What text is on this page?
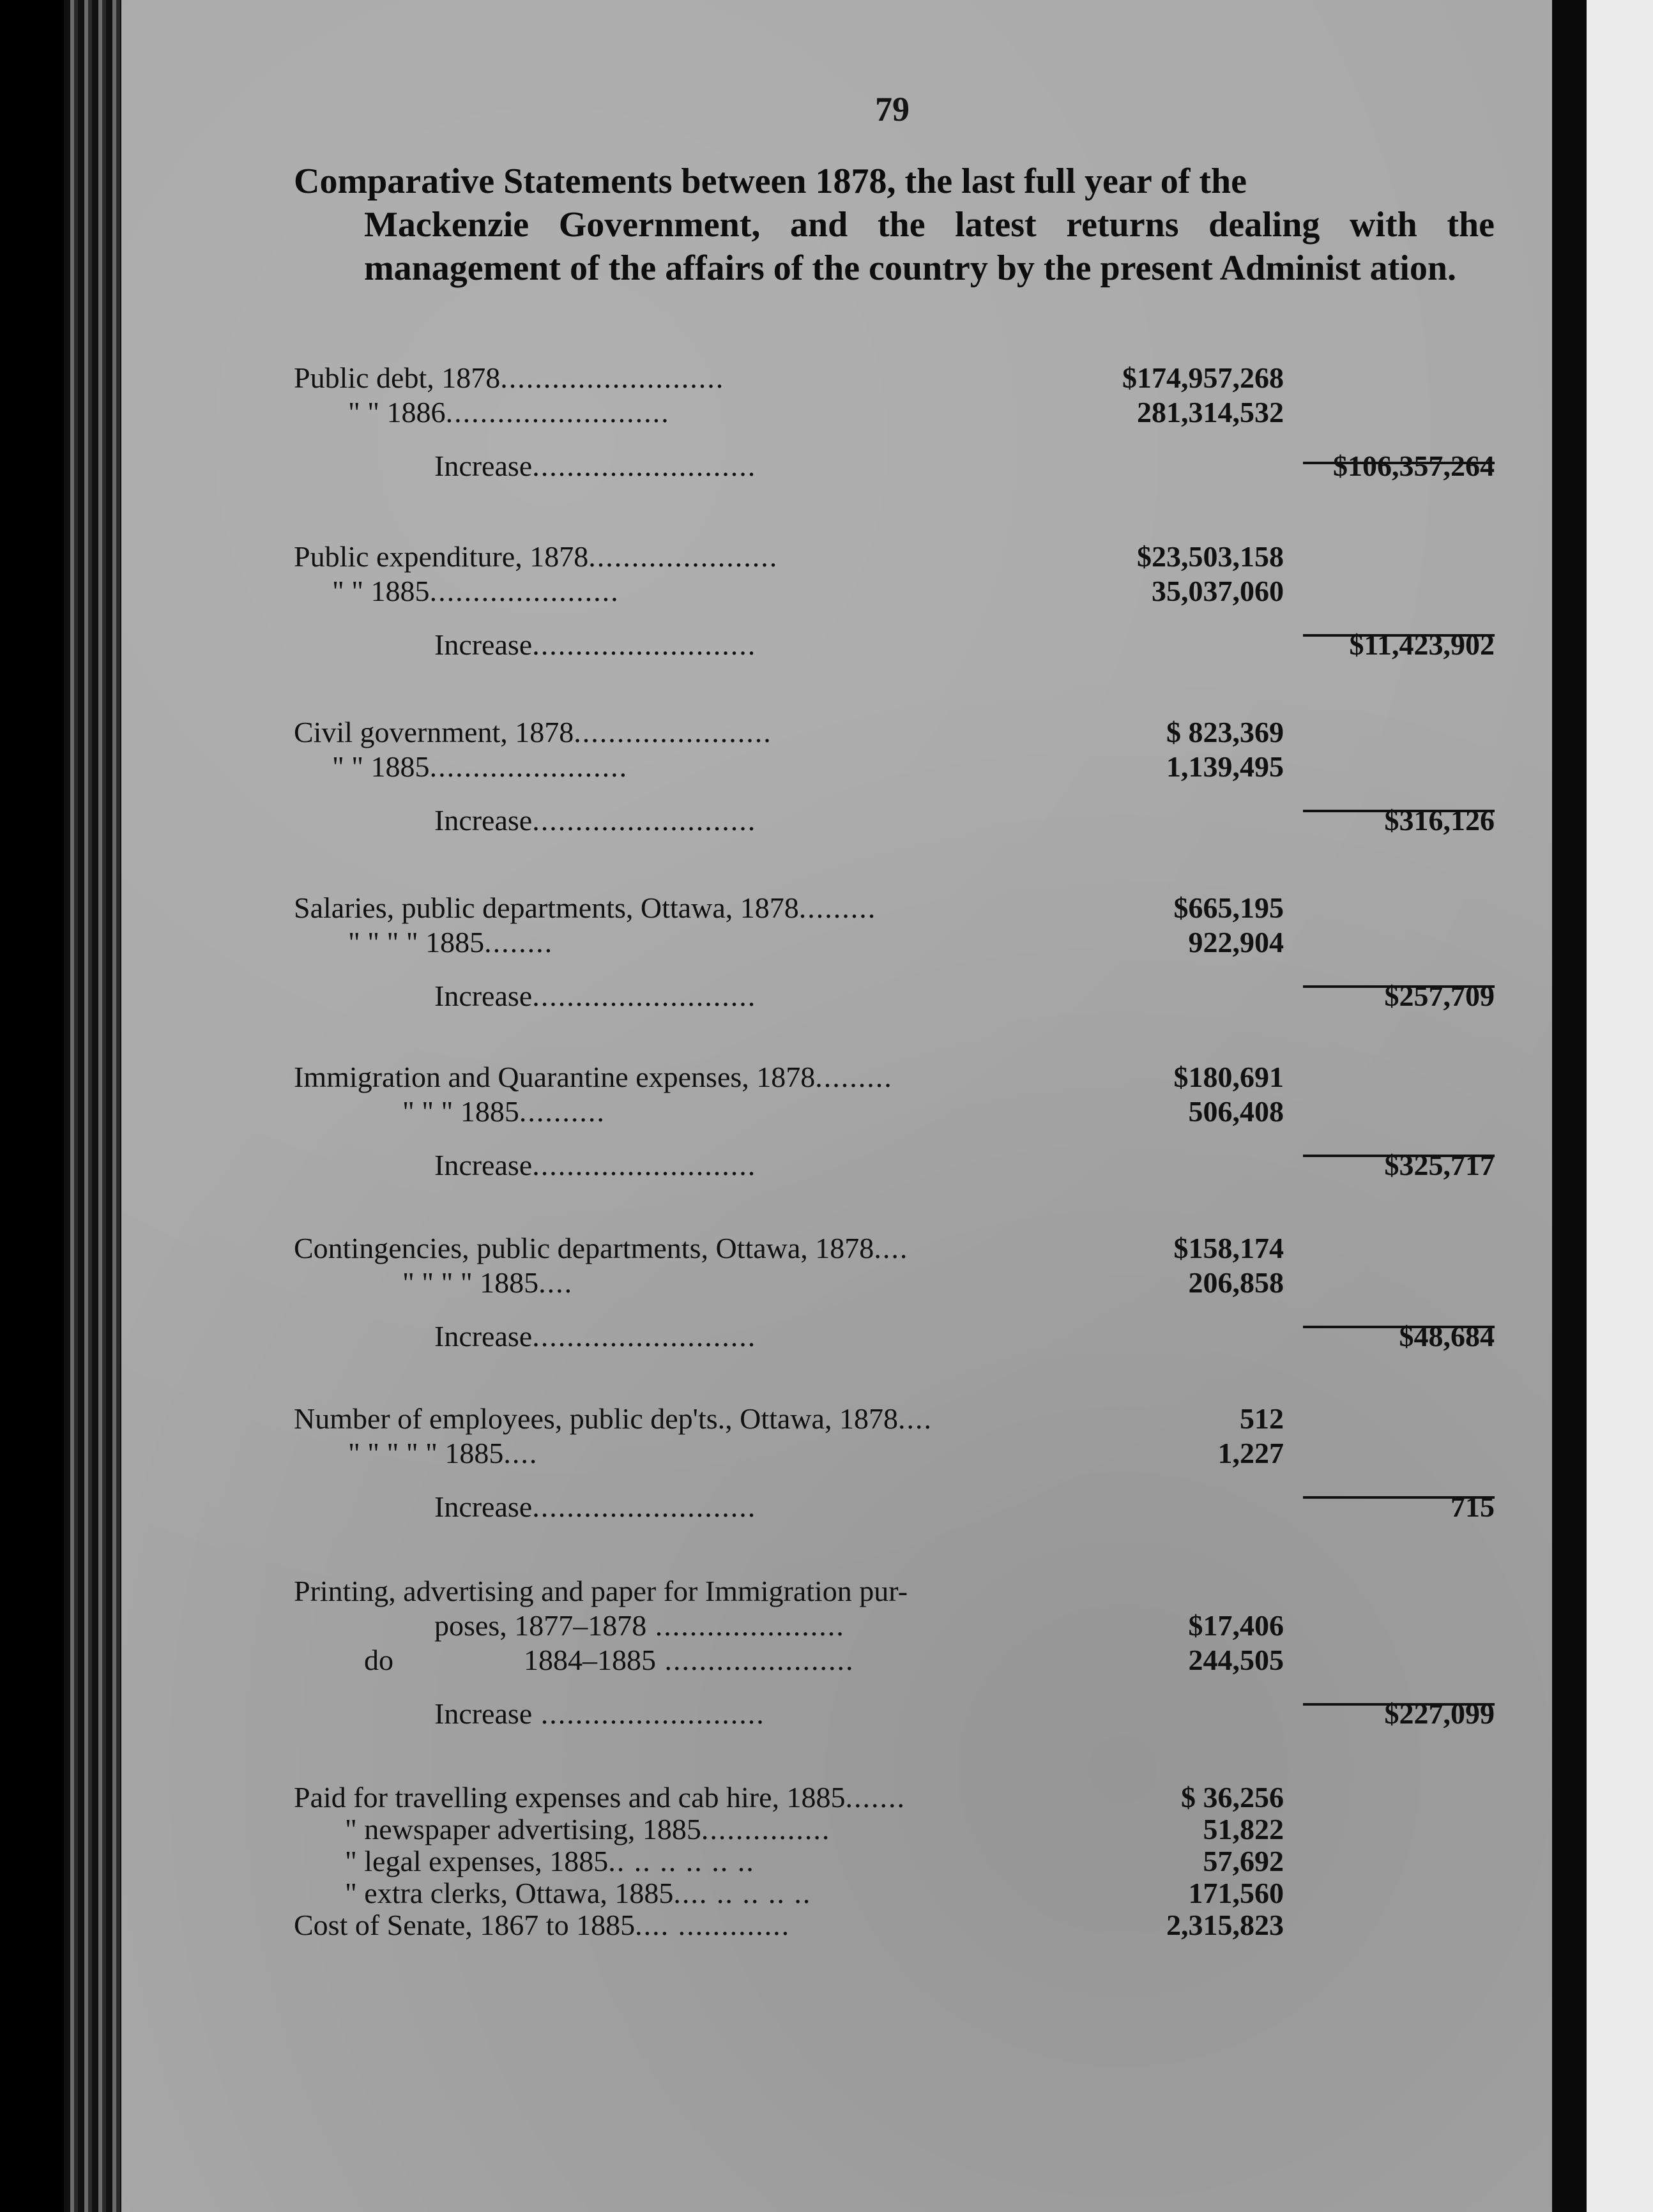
79
Comparative Statements between 1878, the last full year of the
Mackenzie Government, and the latest returns dealing with the management of the affairs of the country by the present Administ ation.
Public debt, 1878..........................	$174,957,268
" " 1886..........................	281,314,532
Increase..........................	$106,357,264
Public expenditure, 1878......................	$23,503,158
" " 1885......................	35,037,060
Increase..........................	$11,423,902
Civil government, 1878.......................	$ 823,369
" " 1885.......................	1,139,495
Increase..........................	$316,126
Salaries, public departments, Ottawa, 1878.........	$665,195
" " " " 1885........	922,904
Increase..........................	$257,709
Immigration and Quarantine expenses, 1878.........	$180,691
" " " 1885..........	506,408
Increase..........................	$325,717
Contingencies, public departments, Ottawa, 1878....	$158,174
" " " " 1885....	206,858
Increase..........................	$48,684
Number of employees, public dep'ts., Ottawa, 1878....	512
" " " " " 1885....	1,227
Increase..........................	715
Printing, advertising and paper for Immigration pur-
poses, 1877–1878 ......................	$17,406
do	1884–1885 ......................	244,505
Increase ..........................	$227,099
Paid for travelling expenses and cab hire, 1885.......	$ 36,256
" newspaper advertising, 1885...............	51,822
" legal expenses, 1885.. .. .. .. .. ..	57,692
" extra clerks, Ottawa, 1885.... .. .. .. ..	171,560
Cost of Senate, 1867 to 1885.... .............	2,315,823
